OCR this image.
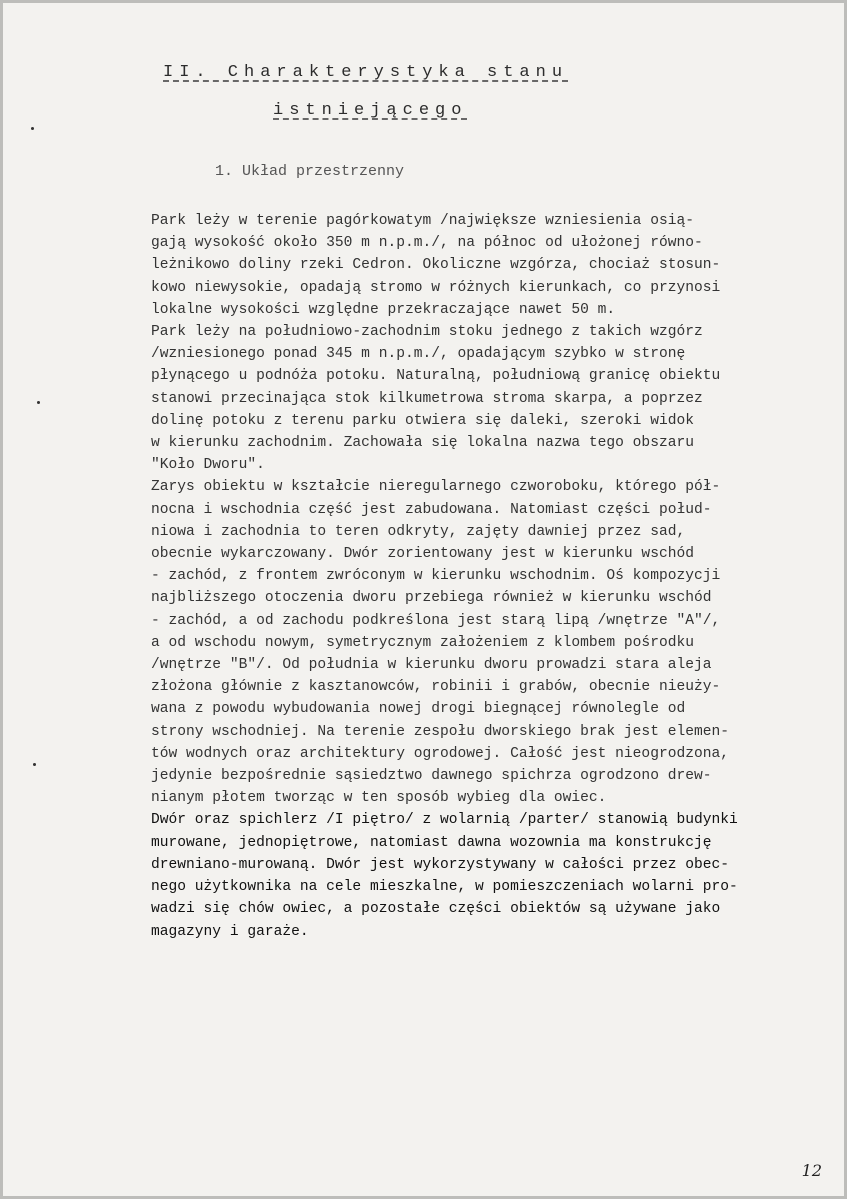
II. Charakterystyka stanu
istniejącego
1. Układ przestrzenny
Park leży w terenie pagórkowatym /największe wzniesienia osią-
gają wysokość około 350 m n.p.m./, na północ od ułożonej równo-
leżnikowo doliny rzeki Cedron. Okoliczne wzgórza, chociaż stosun-
kowo niewysokie, opadają stromo w różnych kierunkach, co przynosi
lokalne wysokości względne przekraczające nawet 50 m.
Park leży na południowo-zachodnim stoku jednego z takich wzgórz
/wzniesionego ponad 345 m n.p.m./, opadającym szybko w stronę
płynącego u podnóża potoku. Naturalną, południową granicę obiektu
stanowi przecinająca stok kilkumetrowa stroma skarpa, a poprzez
dolinę potoku z terenu parku otwiera się daleki, szeroki widok
w kierunku zachodnim. Zachowała się lokalna nazwa tego obszaru
"Koło Dworu".
Zarys obiektu w kształcie nieregularnego czworoboku, którego pół-
nocna i wschodnia część jest zabudowana. Natomiast części połud-
niowa i zachodnia to teren odkryty, zajęty dawniej przez sad,
obecnie wykarczowany. Dwór zorientowany jest w kierunku wschód
- zachód, z frontem zwróconym w kierunku wschodnim. Oś kompozycji
najbliższego otoczenia dworu przebiega również w kierunku wschód
- zachód, a od zachodu podkreślona jest starą lipą /wnętrze "A"/,
a od wschodu nowym, symetrycznym założeniem z klombem pośrodku
/wnętrze "B"/. Od południa w kierunku dworu prowadzi stara aleja
złożona głównie z kasztanowców, robinii i grabów, obecnie nieuży-
wana z powodu wybudowania nowej drogi biegnącej równolegle od
strony wschodniej. Na terenie zespołu dworskiego brak jest elemen-
tów wodnych oraz architektury ogrodowej. Całość jest nieogrodzona,
jedynie bezpośrednie sąsiedztwo dawnego spichrza ogrodzono drew-
nianym płotem tworząc w ten sposób wybieg dla owiec.
Dwór oraz spichlerz /I piętro/ z wolarnią /parter/ stanowią budynki
murowane, jednopiętrowe, natomiast dawna wozownia ma konstrukcję
drewniano-murowaną. Dwór jest wykorzystywany w całości przez obec-
nego użytkownika na cele mieszkalne, w pomieszczeniach wolarni pro-
wadzi się chów owiec, a pozostałe części obiektów są używane jako
magazyny i garaże.
12
